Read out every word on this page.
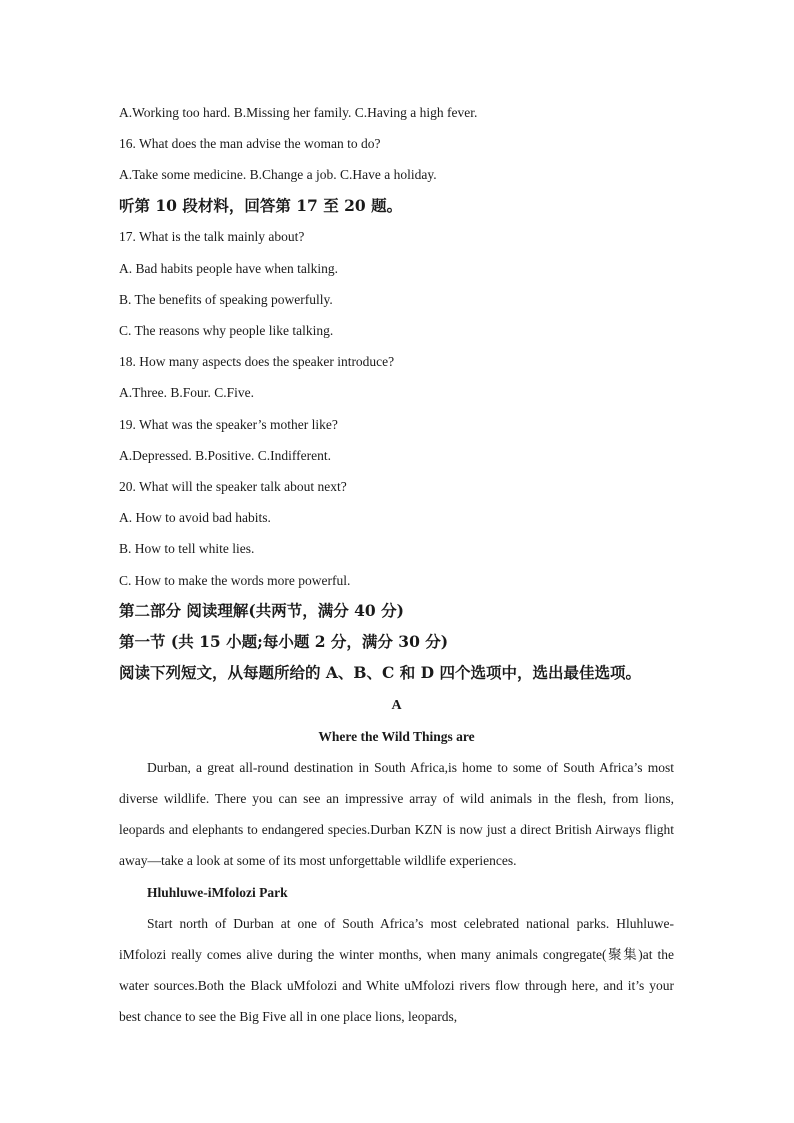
A.Working too hard. B.Missing her family. C.Having a high fever.
16. What does the man advise the woman to do?
A.Take some medicine. B.Change a job. C.Have a holiday.
听第 10 段材料，回答第 17 至 20 题。
17. What is the talk mainly about?
A. Bad habits people have when talking.
B. The benefits of speaking powerfully.
C. The reasons why people like talking.
18. How many aspects does the speaker introduce?
A.Three. B.Four. C.Five.
19. What was the speaker’s mother like?
A.Depressed. B.Positive. C.Indifferent.
20. What will the speaker talk about next?
A. How to avoid bad habits.
B. How to tell white lies.
C. How to make the words more powerful.
第二部分 阅读理解(共两节，满分 40 分)
第一节 (共 15 小题;每小题 2 分，满分 30 分)
阅读下列短文，从每题所给的 A、B、C 和 D 四个选项中，选出最佳选项。
A
Where the Wild Things are

Durban, a great all-round destination in South Africa,is home to some of South Africa’s most diverse wildlife. There you can see an impressive array of wild animals in the flesh, from lions, leopards and elephants to endangered species.Durban KZN is now just a direct British Airways flight away—take a look at some of its most unforgettable wildlife experiences.

Hluhluwe-iMfolozi Park

Start north of Durban at one of South Africa’s most celebrated national parks. Hluhluwe-iMfolozi really comes alive during the winter months, when many animals congregate(聚集)at the water sources.Both the Black uMfolozi and White uMfolozi rivers flow through here, and it’s your best chance to see the Big Five all in one place lions, leopards,
